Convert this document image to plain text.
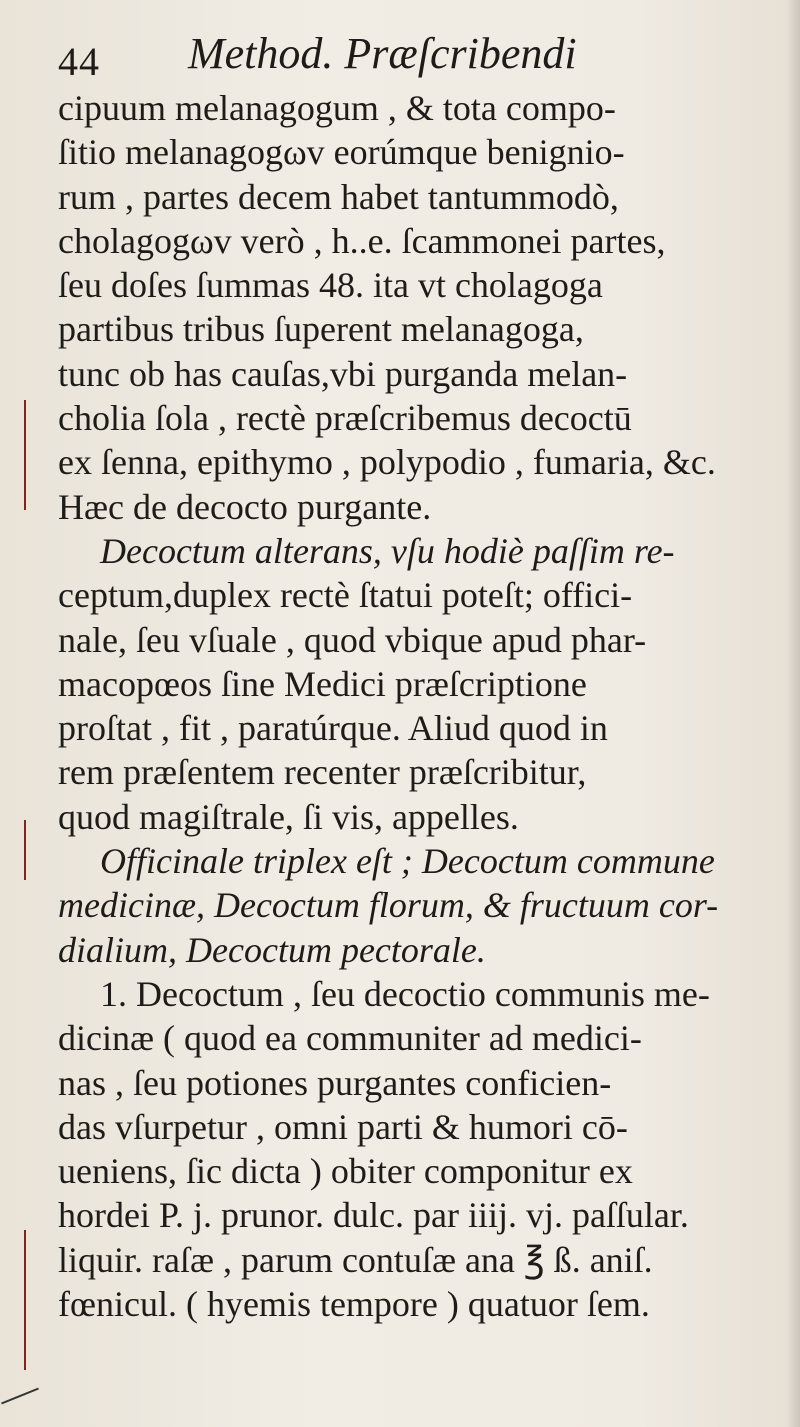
44 Method. Præſcribendi
cipuum melanagogum , & tota compo-
ſitio melanagogωv eorúmque benignio-
rum , partes decem habet tantummodò,
cholagogωv verò , h..e. ſcammonei partes,
ſeu doſes ſummas 48. ita vt cholagoga
partibus tribus ſuperent melanagoga,
tunc ob has cauſas,vbi purganda melan-
cholia ſola , rectè præſcribemus decoctū
ex ſenna, epithymo , polypodio , fumaria, &c.
Hæc de decocto purgante.
Decoctum alterans, vſu hodiè paſſim re-
ceptum,duplex rectè ſtatui poteſt; offici-
nale, ſeu vſuale , quod vbique apud phar-
macopœos ſine Medici præſcriptione
proſtat , fit , paratúrque. Aliud quod in
rem præſentem recenter præſcribitur,
quod magiſtrale, ſi vis, appelles.
Officinale triplex eſt ; Decoctum commune
medicinæ, Decoctum florum, & fructuum cor-
dialium, Decoctum pectorale.
1. Decoctum , ſeu decoctio communis me-
dicinæ ( quod ea communiter ad medici-
nas , ſeu potiones purgantes conficien-
das vſurpetur , omni parti & humori cō-
ueniens, ſic dicta ) obiter componitur ex
hordei P. j. prunor. dulc. par iiij. vj. paſſular.
liquir. raſæ , parum contuſæ ana ℥ ß. aniſ.
fœnicul. ( hyemis tempore ) quatuor ſem.
